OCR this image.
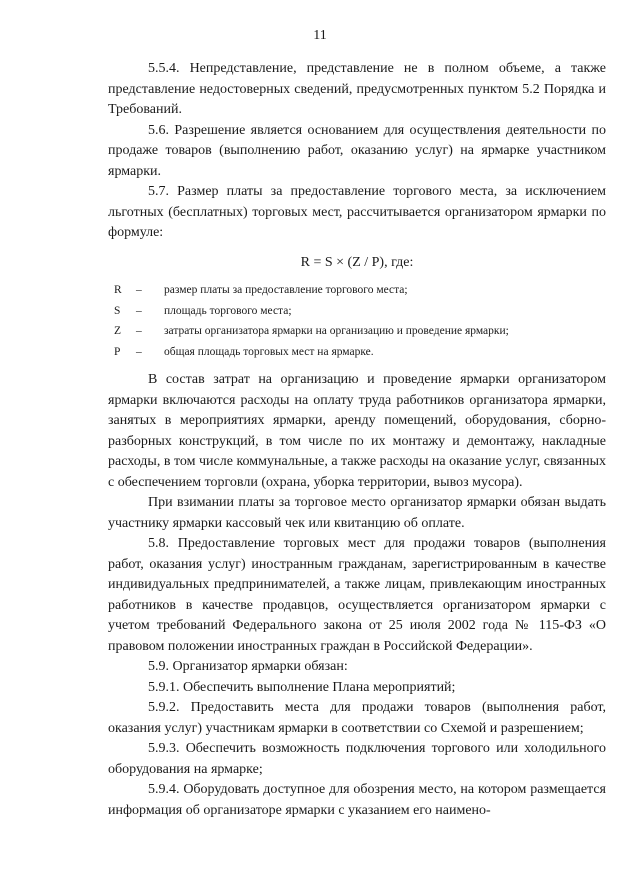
11

5.5.4. Непредставление, представление не в полном объеме, а также представление недостоверных сведений, предусмотренных пунктом 5.2 Порядка и Требований.

5.6. Разрешение является основанием для осуществления деятельности по продаже товаров (выполнению работ, оказанию услуг) на ярмарке участником ярмарки.

5.7. Размер платы за предоставление торгового места, за исключением льготных (бесплатных) торговых мест, рассчитывается организатором ярмарки по формуле:

R = S × (Z / P), где:
R	–	размер платы за предоставление торгового места;
S	–	площадь торгового места;
Z	–	затраты организатора ярмарки на организацию и проведение ярмарки;
P	–	общая площадь торговых мест на ярмарке.

В состав затрат на организацию и проведение ярмарки организатором ярмарки включаются расходы на оплату труда работников организатора ярмарки, занятых в мероприятиях ярмарки, аренду помещений, оборудования, сборно-разборных конструкций, в том числе по их монтажу и демонтажу, накладные расходы, в том числе коммунальные, а также расходы на оказание услуг, связанных с обеспечением торговли (охрана, уборка территории, вывоз мусора).

При взимании платы за торговое место организатор ярмарки обязан выдать участнику ярмарки кассовый чек или квитанцию об оплате.

5.8. Предоставление торговых мест для продажи товаров (выполнения работ, оказания услуг) иностранным гражданам, зарегистрированным в качестве индивидуальных предпринимателей, а также лицам, привлекающим иностранных работников в качестве продавцов, осуществляется организатором ярмарки с учетом требований Федерального закона от 25 июля 2002 года № 115-ФЗ «О правовом положении иностранных граждан в Российской Федерации».

5.9. Организатор ярмарки обязан:

5.9.1. Обеспечить выполнение Плана мероприятий;

5.9.2. Предоставить места для продажи товаров (выполнения работ, оказания услуг) участникам ярмарки в соответствии со Схемой и разрешением;

5.9.3. Обеспечить возможность подключения торгового или холодильного оборудования на ярмарке;

5.9.4. Оборудовать доступное для обозрения место, на котором размещается информация об организаторе ярмарки с указанием его наимено-
